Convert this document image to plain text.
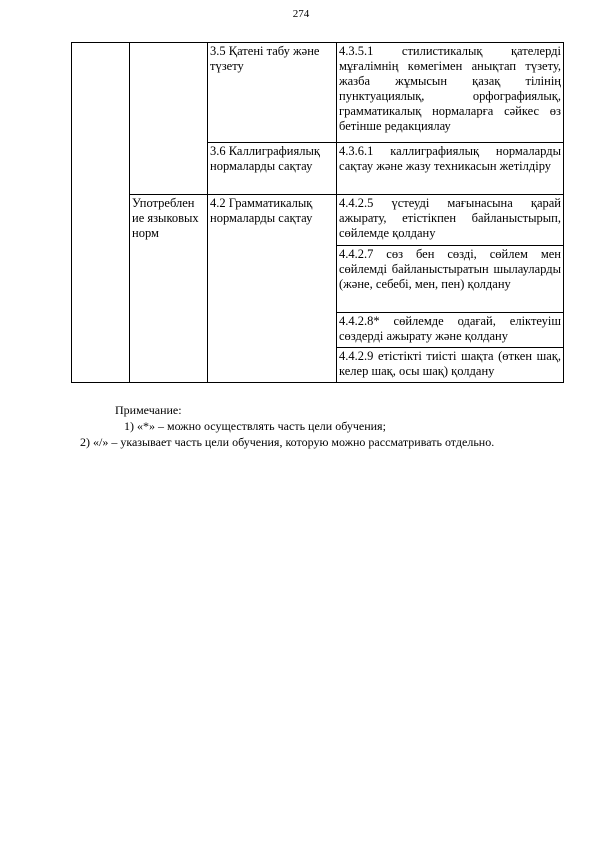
274
		3.5 Қатені табу және түзету	4.3.5.1 стилистикалық қателерді мұғалімнің көмегімен анықтап түзету, жазба жұмысын қазақ тілінің пунктуациялық, орфографиялық, грамматикалық нормаларға сәйкес өз бетінше редакциялау
		3.6 Каллиграфиялық нормаларды сақтау	4.3.6.1 каллиграфиялық нормаларды сақтау және жазу техникасын жетілдіру
	Употреблен ие языковых норм	4.2 Грамматикалық нормаларды сақтау	4.4.2.5 үстеуді мағынасына қарай ажырату, етістікпен байланыстырып, сөйлемде қолдану
			4.4.2.7 сөз бен сөзді, сөйлем мен сөйлемді байланыстыратын шылауларды (және, себебі, мен, пен) қолдану
			4.4.2.8* сөйлемде одағай, еліктеуіш сөздерді ажырату және қолдану
			4.4.2.9 етістікті тиісті шақта (өткен шақ, келер шақ, осы шақ) қолдану

Примечание:

1) «*» – можно осуществлять часть цели обучения;

2) «/» – указывает часть цели обучения, которую можно рассматривать отдельно.
